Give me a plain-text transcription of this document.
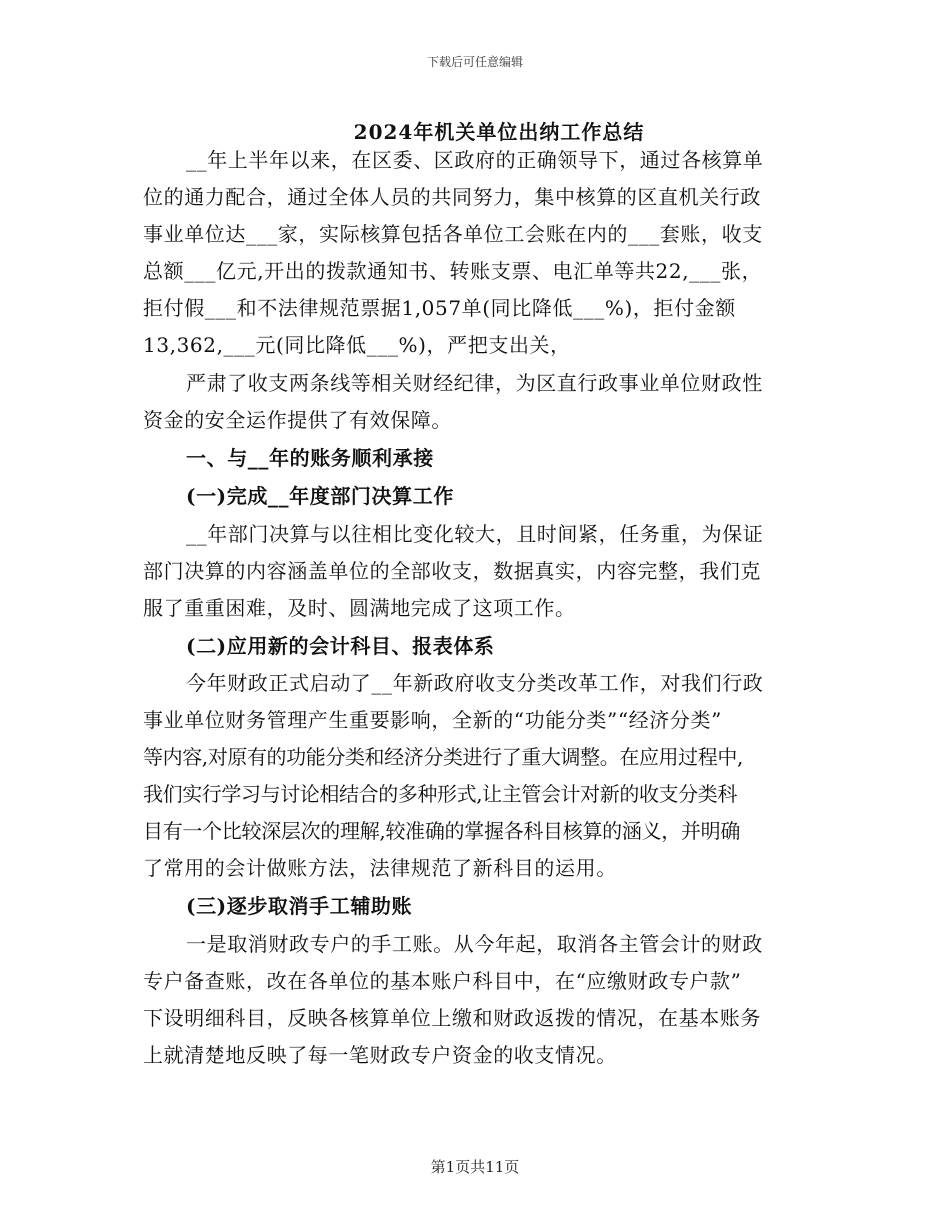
下载后可任意编辑
2024年机关单位出纳工作总结
__年上半年以来，在区委、区政府的正确领导下，通过各核算单
位的通力配合，通过全体人员的共同努力，集中核算的区直机关行政
事业单位达___家，实际核算包括各单位工会账在内的___套账，收支
总额___亿元,开出的拨款通知书、转账支票、电汇单等共22,___张，
拒付假___和不法律规范票据1,057单(同比降低___%)，拒付金额
13,362,___元(同比降低___%)，严把支出关，
严肃了收支两条线等相关财经纪律，为区直行政事业单位财政性
资金的安全运作提供了有效保障。
一、与__年的账务顺利承接
(一)完成__年度部门决算工作
__年部门决算与以往相比变化较大，且时间紧，任务重，为保证
部门决算的内容涵盖单位的全部收支，数据真实，内容完整，我们克
服了重重困难，及时、圆满地完成了这项工作。
(二)应用新的会计科目、报表体系
今年财政正式启动了__年新政府收支分类改革工作，对我们行政
事业单位财务管理产生重要影响，全新的“功能分类”“经济分类”
等内容,对原有的功能分类和经济分类进行了重大调整。在应用过程中,
我们实行学习与讨论相结合的多种形式,让主管会计对新的收支分类科
目有一个比较深层次的理解,较准确的掌握各科目核算的涵义，并明确
了常用的会计做账方法，法律规范了新科目的运用。
(三)逐步取消手工辅助账
一是取消财政专户的手工账。从今年起，取消各主管会计的财政
专户备查账，改在各单位的基本账户科目中，在“应缴财政专户款”
下设明细科目，反映各核算单位上缴和财政返拨的情况，在基本账务
上就清楚地反映了每一笔财政专户资金的收支情况。
第1页共11页
